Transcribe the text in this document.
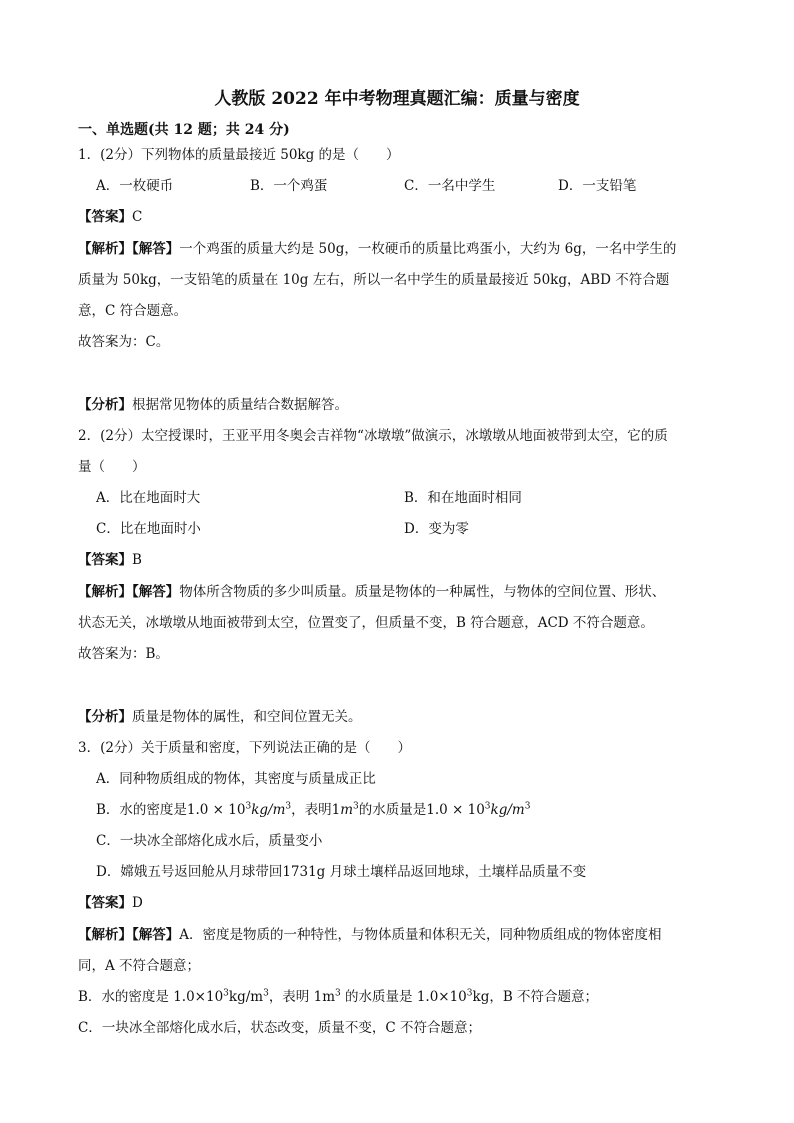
人教版 2022 年中考物理真题汇编：质量与密度
一、单选题(共 12 题；共 24 分)
1．(2分）下列物体的质量最接近 50kg 的是（　　）
A．一枚硬币	B．一个鸡蛋	C．一名中学生	D．一支铅笔
【答案】C
【解析】【解答】一个鸡蛋的质量大约是 50g，一枚硬币的质量比鸡蛋小，大约为 6g，一名中学生的
质量为 50kg，一支铅笔的质量在 10g 左右，所以一名中学生的质量最接近 50kg，ABD 不符合题
意，C 符合题意。
故答案为：C。
【分析】根据常见物体的质量结合数据解答。
2．(2分）太空授课时，王亚平用冬奥会吉祥物“冰墩墩”做演示，冰墩墩从地面被带到太空，它的质
量（　　）
A．比在地面时大	B．和在地面时相同
C．比在地面时小	D．变为零
【答案】B
【解析】【解答】物体所含物质的多少叫质量。质量是物体的一种属性，与物体的空间位置、形状、
状态无关，冰墩墩从地面被带到太空，位置变了，但质量不变，B 符合题意，ACD 不符合题意。
故答案为：B。
【分析】质量是物体的属性，和空间位置无关。
3．(2分）关于质量和密度，下列说法正确的是（　　）
A．同种物质组成的物体，其密度与质量成正比
B．水的密度是$1.0 \times 10^3kg/m^3$，表明$1m^3$的水质量是$1.0 \times 10^3kg/m^3$
C．一块冰全部熔化成水后，质量变小
D．嫦娥五号返回舱从月球带回1731g 月球土壤样品返回地球，土壤样品质量不变
【答案】D
【解析】【解答】A．密度是物质的一种特性，与物体质量和体积无关，同种物质组成的物体密度相
同，A 不符合题意；
B．水的密度是 $1.0\times 10^3kg/m^3$，表明 $1m^3$ 的水质量是 $1.0\times 10^3kg$，B 不符合题意；
C．一块冰全部熔化成水后，状态改变，质量不变，C 不符合题意；
